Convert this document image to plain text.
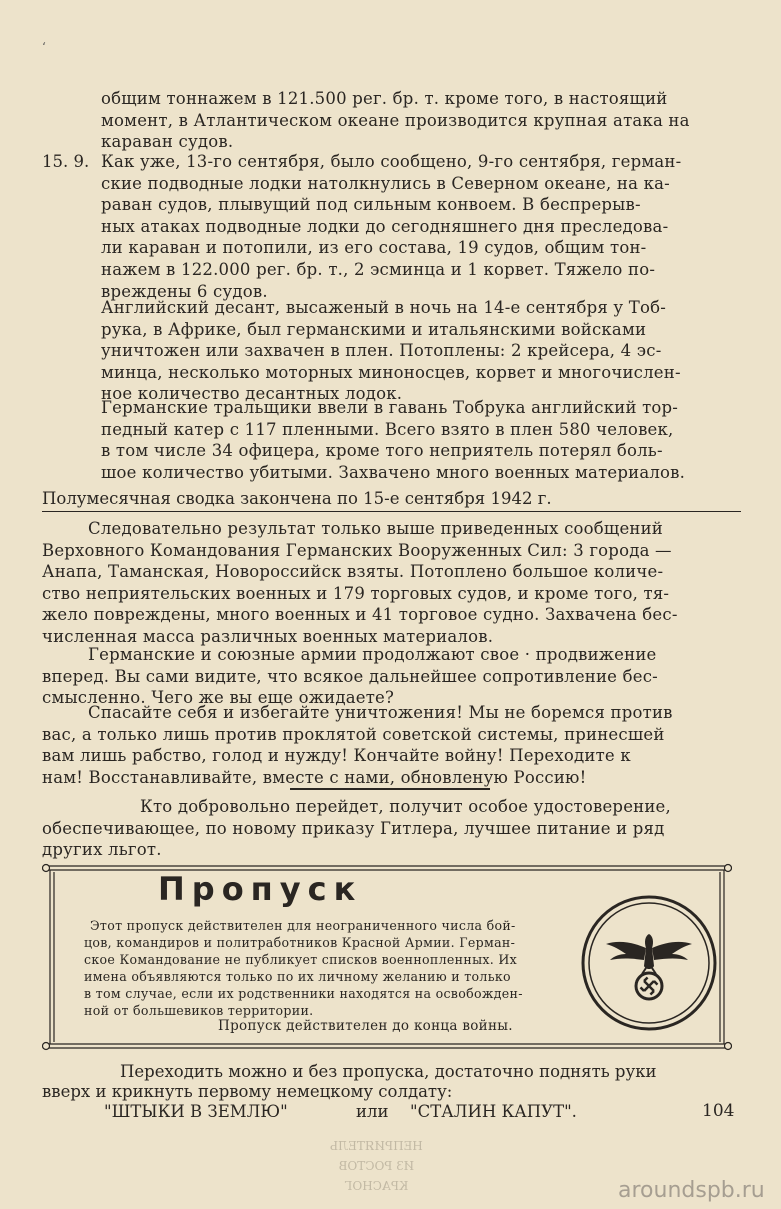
ʻ
общим тоннажем в 121.500 рег. бр. т. кроме того, в настоящий
момент, в Атлантическом океане производится крупная атака на
караван судов.
15. 9. Как уже, 13-го сентября, было сообщено, 9-го сентября, герман-
ские подводные лодки натолкнулись в Северном океане, на ка-
раван судов, плывущий под сильным конвоем. В беспрерыв-
ных атаках подводные лодки до сегодняшнего дня преследова-
ли караван и потопили, из его состава, 19 судов, общим тон-
нажем в 122.000 рег. бр. т., 2 эсминца и 1 корвет. Тяжело по-
вреждены 6 судов.
Английский десант, высаженый в ночь на 14-е сентября у Тоб-
рука, в Африке, был германскими и итальянскими войсками
уничтожен или захвачен в плен. Потоплены: 2 крейсера, 4 эс-
минца, несколько моторных миноносцев, корвет и многочислен-
ное количество десантных лодок.
Германские тральщики ввели в гавань Тобрука английский тор-
педный катер с 117 пленными. Всего взято в плен 580 человек,
в том числе 34 офицера, кроме того неприятель потерял боль-
шое количество убитыми. Захвачено много военных материалов.
Полумесячная сводка закончена по 15-е сентября 1942 г.
Следовательно результат только выше приведенных сообщений
Верховного Командования Германских Вооруженных Сил: 3 города —
Анапа, Таманская, Новороссийск взяты. Потоплено большое количе-
ство неприятельских военных и 179 торговых судов, и кроме того, тя-
жело повреждены, много военных и 41 торговое судно. Захвачена бес-
численная масса различных военных материалов.
Германские и союзные армии продолжают свое · продвижение
вперед. Вы сами видите, что всякое дальнейшее сопротивление бес-
смысленно. Чего же вы еще ожидаете?
Спасайте себя и избегайте уничтожения! Мы не боремся против
вас, а только лишь против проклятой советской системы, принесшей
вам лишь рабство, голод и нужду! Кончайте войну! Переходите к
нам! Восстанавливайте, вместе с нами, обновленую Россию!
Кто добровольно перейдет, получит особое удостоверение,
обеспечивающее, по новому приказу Гитлера, лучшее питание и ряд
других льгот.
Пропуск
Этот пропуск действителен для неограниченного числа бой-
цов, командиров и политработников Красной Армии. Герман-
ское Командование не публикует списков военнопленных. Их
имена объявляются только по их личному желанию и только
в том случае, если их родственники находятся на освобожден-
ной от большевиков территории.
Пропуск действителен до конца войны.
Переходить можно и без пропуска, достаточно поднять руки
вверх и крикнуть первому немецкому солдату:
"ШТЫКИ В ЗЕМЛЮ"	или "СТАЛИН КАПУТ".	104
НЕПРИЯТЕЛЬ
ИЗ РОСТОВ
КРАСНОГ	aroundspb.ru
